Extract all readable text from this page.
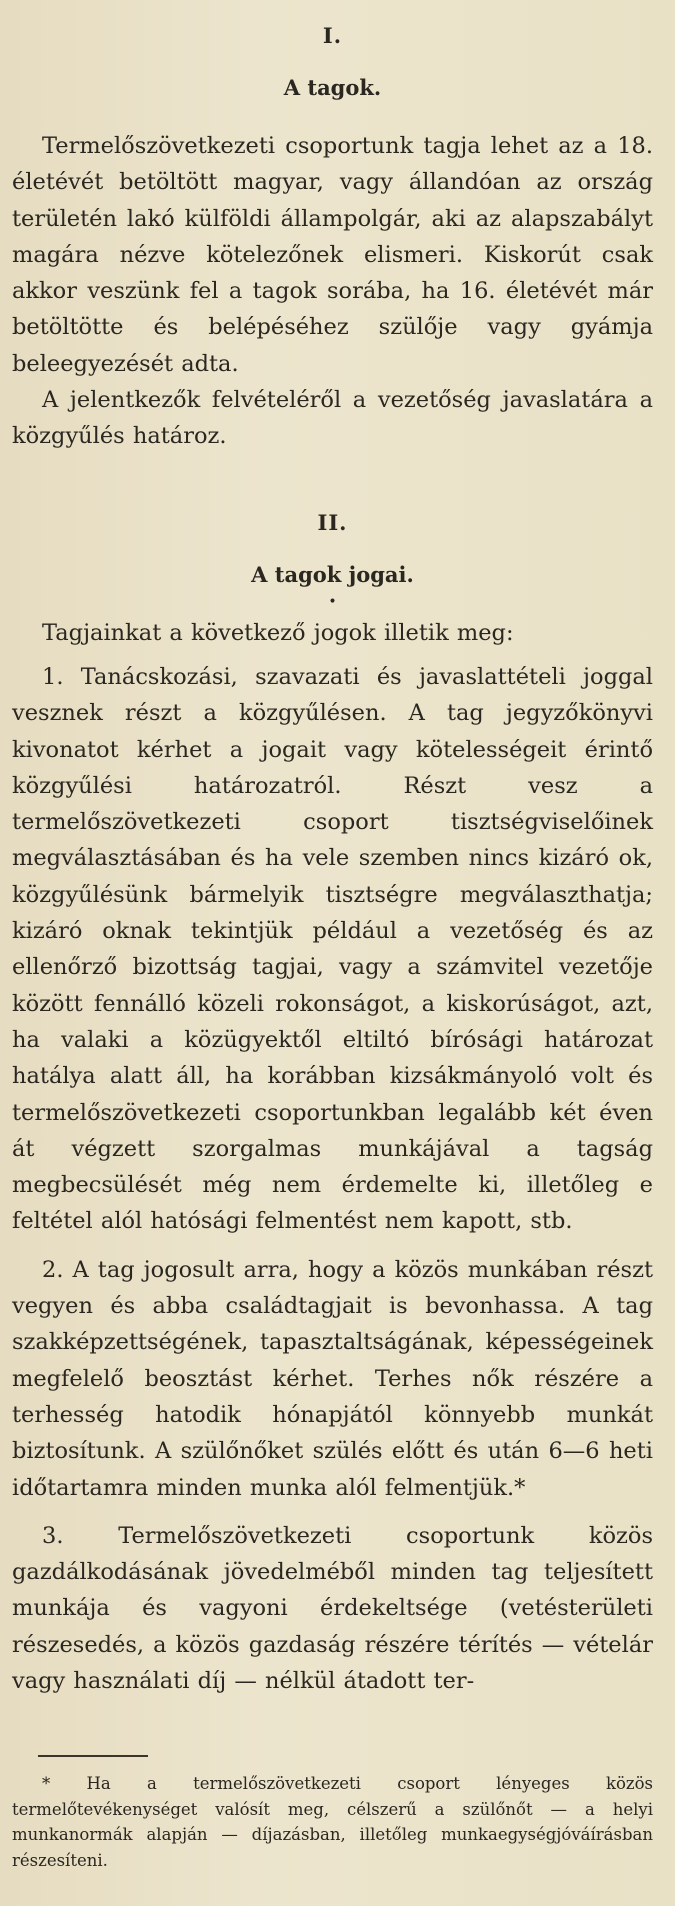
I.
A tagok.

Termelőszövetkezeti csoportunk tagja lehet az a 18. életévét betöltött magyar, vagy állandóan az ország területén lakó külföldi állampolgár, aki az alapszabályt magára nézve kötelezőnek elismeri. Kiskorút csak akkor veszünk fel a tagok sorába, ha 16. életévét már betöltötte és belépéséhez szülője vagy gyámja beleegyezését adta.

A jelentkezők felvételéről a vezetőség javaslatára a közgyűlés határoz.

II.
A tagok jogai.
•

Tagjainkat a következő jogok illetik meg:

1. Tanácskozási, szavazati és javaslattételi joggal vesznek részt a közgyűlésen. A tag jegyzőkönyvi kivonatot kérhet a jogait vagy kötelességeit érintő közgyűlési határozatról. Részt vesz a termelőszövetkezeti csoport tisztségviselőinek megválasztásában és ha vele szemben nincs kizáró ok, közgyűlésünk bármelyik tisztségre megválaszthatja; kizáró oknak tekintjük például a vezetőség és az ellenőrző bizottság tagjai, vagy a számvitel vezetője között fennálló közeli rokonságot, a kiskorúságot, azt, ha valaki a közügyektől eltiltó bírósági határozat hatálya alatt áll, ha korábban kizsákmányoló volt és termelőszövetkezeti csoportunkban legalább két éven át végzett szorgalmas munkájával a tagság megbecsülését még nem érdemelte ki, illetőleg e feltétel alól hatósági felmentést nem kapott, stb.

2. A tag jogosult arra, hogy a közös munkában részt vegyen és abba családtagjait is bevonhassa. A tag szakképzettségének, tapasztaltságának, képességeinek megfelelő beosztást kérhet. Terhes nők részére a terhesség hatodik hónapjától könnyebb munkát biztosítunk. A szülőnőket szülés előtt és után 6—6 heti időtartamra minden munka alól felmentjük.*

3. Termelőszövetkezeti csoportunk közös gazdálkodásának jövedelméből minden tag teljesített munkája és vagyoni érdekeltsége (vetésterületi részesedés, a közös gazdaság részére térítés — vételár vagy használati díj — nélkül átadott ter-

* Ha a termelőszövetkezeti csoport lényeges közös termelőtevékenységet valósít meg, célszerű a szülőnőt — a helyi munkanormák alapján — díjazásban, illetőleg munkaegységjóváírásban részesíteni.
